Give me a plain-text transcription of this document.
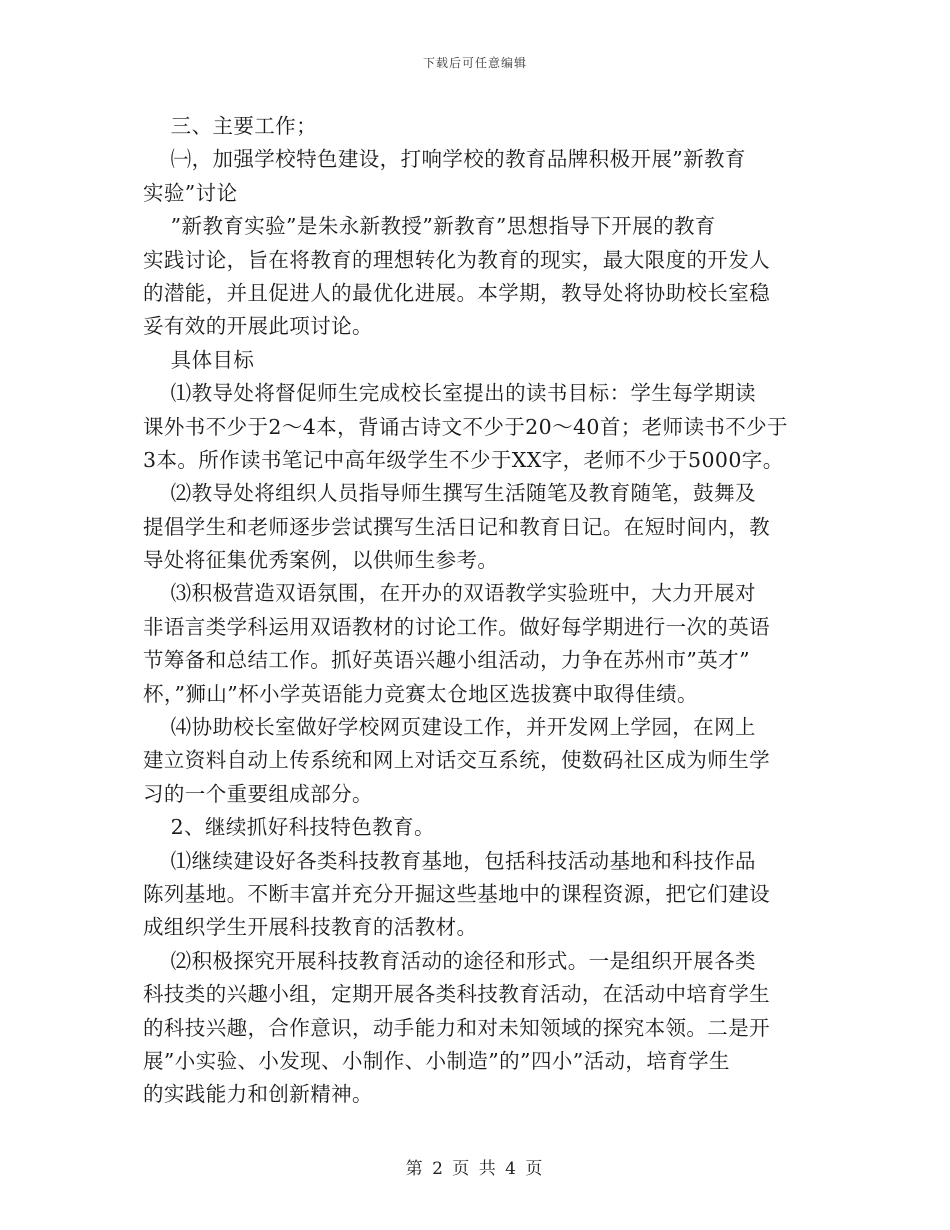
下载后可任意编辑
三、主要工作；
㈠，加强学校特色建设，打响学校的教育品牌积极开展”新教育
实验”讨论
”新教育实验”是朱永新教授”新教育”思想指导下开展的教育
实践讨论，旨在将教育的理想转化为教育的现实，最大限度的开发人
的潜能，并且促进人的最优化进展。本学期，教导处将协助校长室稳
妥有效的开展此项讨论。
具体目标
⑴教导处将督促师生完成校长室提出的读书目标：学生每学期读
课外书不少于2～4本，背诵古诗文不少于20～40首；老师读书不少于
3本。所作读书笔记中高年级学生不少于XX字，老师不少于5000字。
⑵教导处将组织人员指导师生撰写生活随笔及教育随笔，鼓舞及
提倡学生和老师逐步尝试撰写生活日记和教育日记。在短时间内，教
导处将征集优秀案例，以供师生参考。
⑶积极营造双语氛围，在开办的双语教学实验班中，大力开展对
非语言类学科运用双语教材的讨论工作。做好每学期进行一次的英语
节筹备和总结工作。抓好英语兴趣小组活动，力争在苏州市”英才”
杯，”狮山”杯小学英语能力竞赛太仓地区选拔赛中取得佳绩。
⑷协助校长室做好学校网页建设工作，并开发网上学园，在网上
建立资料自动上传系统和网上对话交互系统，使数码社区成为师生学
习的一个重要组成部分。
2、继续抓好科技特色教育。
⑴继续建设好各类科技教育基地，包括科技活动基地和科技作品
陈列基地。不断丰富并充分开掘这些基地中的课程资源，把它们建设
成组织学生开展科技教育的活教材。
⑵积极探究开展科技教育活动的途径和形式。一是组织开展各类
科技类的兴趣小组，定期开展各类科技教育活动，在活动中培育学生
的科技兴趣，合作意识，动手能力和对未知领域的探究本领。二是开
展”小实验、小发现、小制作、小制造”的”四小”活动，培育学生
的实践能力和创新精神。
第 2 页 共 4 页
